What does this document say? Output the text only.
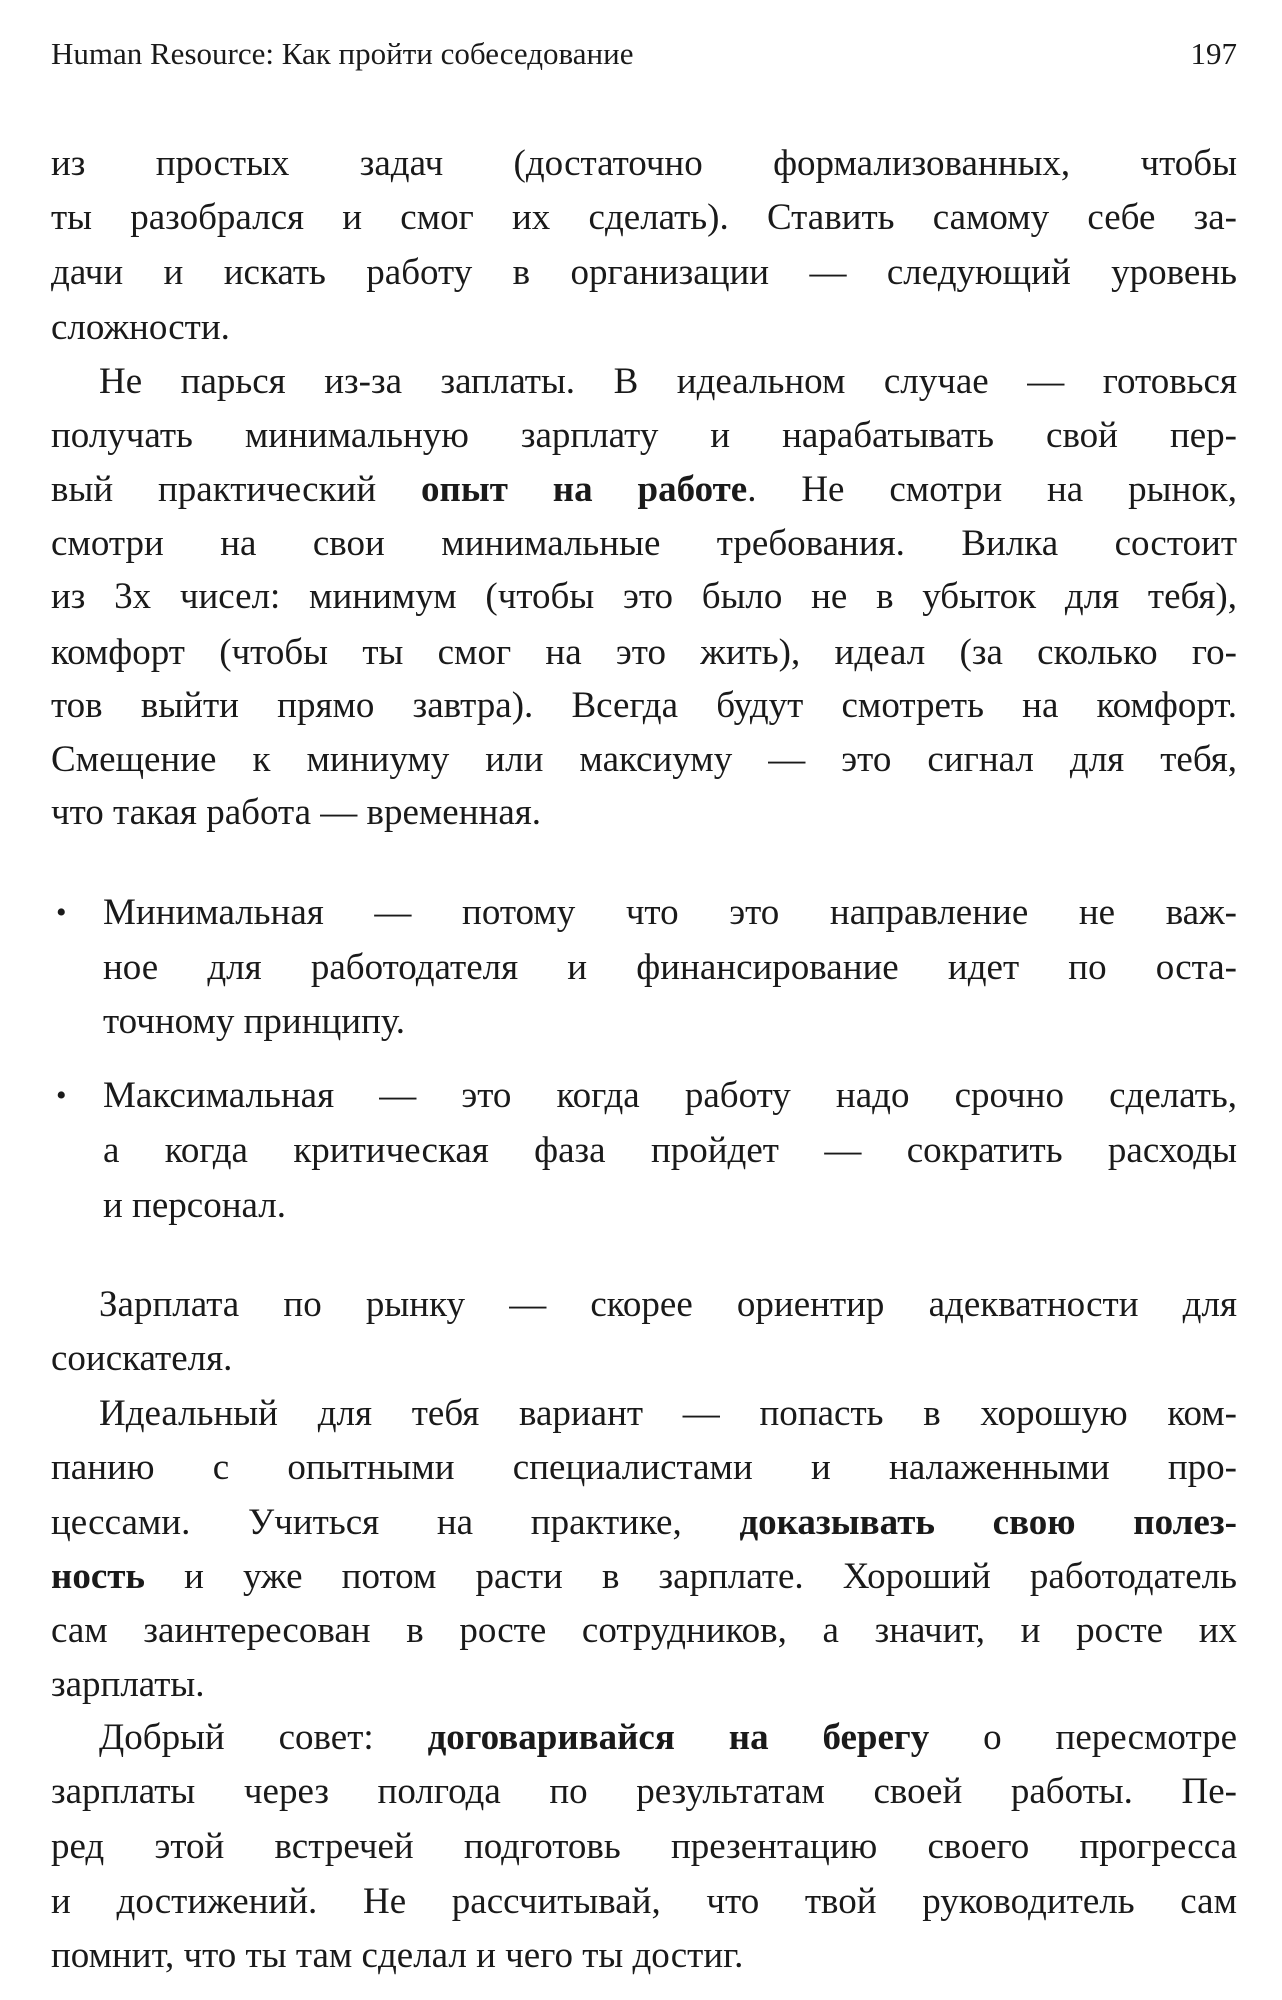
Human Resource: Как пройти собеседование	197
из простых задач (достаточно формализованных, чтобы
ты разобрался и смог их сделать). Ставить самому себе за-
дачи и искать работу в организации — следующий уровень
сложности.
Не парься из-за заплаты. В идеальном случае — готовься
получать минимальную зарплату и нарабатывать свой пер-
вый практический опыт на работе. Не смотри на рынок,
смотри на свои минимальные требования. Вилка состоит
из 3х чисел: минимум (чтобы это было не в убыток для тебя),
комфорт (чтобы ты смог на это жить), идеал (за сколько го-
тов выйти прямо завтра). Всегда будут смотреть на комфорт.
Смещение к миниуму или максиуму — это сигнал для тебя,
что такая работа — временная.
Минимальная — потому что это направление не важ-
•
ное для работодателя и финансирование идет по оста-
точному принципу.
Максимальная — это когда работу надо срочно сделать,
•
а когда критическая фаза пройдет — сократить расходы
и персонал.
Зарплата по рынку — скорее ориентир адекватности для
соискателя.
Идеальный для тебя вариант — попасть в хорошую ком-
панию с опытными специалистами и налаженными про-
цессами. Учиться на практике, доказывать свою полез-
ность и уже потом расти в зарплате. Хороший работодатель
сам заинтересован в росте сотрудников, а значит, и росте их
зарплаты.
Добрый совет: договаривайся на берегу о пересмотре
зарплаты через полгода по результатам своей работы. Пе-
ред этой встречей подготовь презентацию своего прогресса
и достижений. Не рассчитывай, что твой руководитель сам
помнит, что ты там сделал и чего ты достиг.
